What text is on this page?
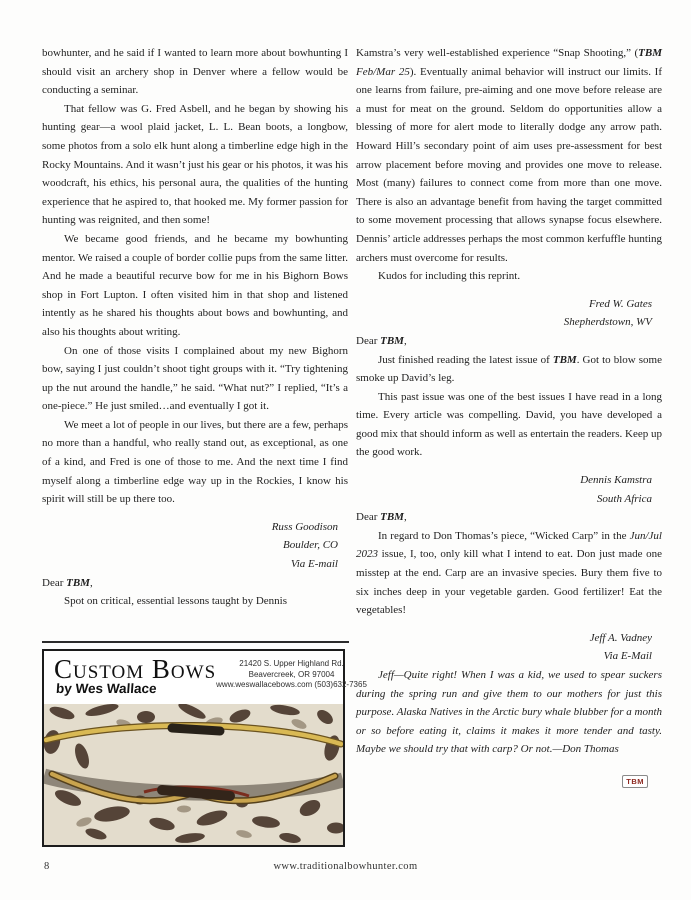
bowhunter, and he said if I wanted to learn more about bowhunting I should visit an archery shop in Denver where a fellow would be conducting a seminar.

That fellow was G. Fred Asbell, and he began by showing his hunting gear—a wool plaid jacket, L. L. Bean boots, a longbow, some photos from a solo elk hunt along a timberline edge high in the Rocky Mountains. And it wasn’t just his gear or his photos, it was his woodcraft, his ethics, his personal aura, the qualities of the hunting experience that he aspired to, that hooked me. My former passion for hunting was reignited, and then some!

We became good friends, and he became my bowhunting mentor. We raised a couple of border collie pups from the same litter. And he made a beautiful recurve bow for me in his Bighorn Bows shop in Fort Lupton. I often visited him in that shop and listened intently as he shared his thoughts about bows and bowhunting, and also his thoughts about writing.

On one of those visits I complained about my new Bighorn bow, saying I just couldn’t shoot tight groups with it. “Try tightening up the nut around the handle,” he said. “What nut?” I replied, “It’s a one-piece.” He just smiled…and eventually I got it.

We meet a lot of people in our lives, but there are a few, perhaps no more than a handful, who really stand out, as exceptional, as one of a kind, and Fred is one of those to me. And the next time I find myself along a timberline edge way up in the Rockies, I know his spirit will still be up there too.

Russ Goodison
Boulder, CO
Via E-mail

Dear TBM,

Spot on critical, essential lessons taught by Dennis

Custom Bows
by Wes Wallace
21420 S. Upper Highland Rd.
Beavercreek, OR 97004
www.weswallacebows.com (503)632-7365

Kamstra’s very well-established experience “Snap Shooting,” (TBM Feb/Mar 25). Eventually animal behavior will instruct our limits. If one learns from failure, pre-aiming and one move before release are a must for meat on the ground. Seldom do opportunities allow a blessing of more for alert mode to literally dodge any arrow path. Howard Hill’s secondary point of aim uses pre-assessment for best arrow placement before moving and provides one move to release. Most (many) failures to connect come from more than one move. There is also an advantage benefit from having the target committed to some movement processing that allows synapse focus elsewhere. Dennis’ article addresses perhaps the most common kerfuffle hunting archers must overcome for results.

Kudos for including this reprint.

Fred W. Gates
Shepherdstown, WV

Dear TBM,

Just finished reading the latest issue of TBM. Got to blow some smoke up David’s leg.

This past issue was one of the best issues I have read in a long time. Every article was compelling. David, you have developed a good mix that should inform as well as entertain the readers. Keep up the good work.

Dennis Kamstra
South Africa

Dear TBM,

In regard to Don Thomas’s piece, “Wicked Carp” in the Jun/Jul 2023 issue, I, too, only kill what I intend to eat. Don just made one misstep at the end. Carp are an invasive species. Bury them five to six inches deep in your vegetable garden. Good fertilizer! Eat the vegetables!

Jeff A. Vadney
Via E-Mail

Jeff—Quite right! When I was a kid, we used to spear suckers during the spring run and give them to our mothers for just this purpose. Alaska Natives in the Arctic bury whale blubber for a month or so before eating it, claims it makes it more tender and tasty. Maybe we should try that with carp? Or not.—Don Thomas

TBM
8	www.traditionalbowhunter.com
